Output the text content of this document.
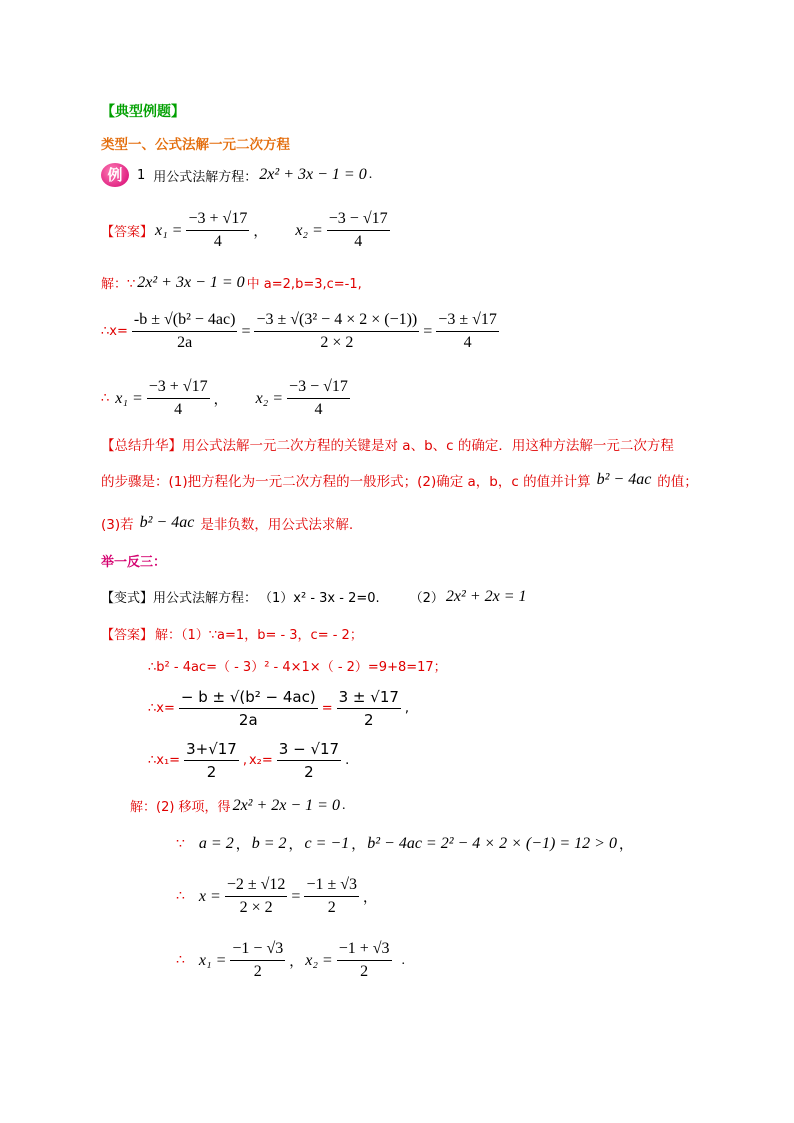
【典型例题】
类型一、公式法解一元二次方程
例	1 用公式法解方程： 2x² + 3x − 1 = 0 .
【答案】 $x_1 = \frac{-3 + √17}{4}$ ， $x_2 = \frac{-3 - √17}{4}$
解：∵ 2x² + 3x − 1 = 0 中 a=2,b=3,c=-1,
∴x= $\frac{\text{-b ± √(b² − 4ac)}}{2a} = \frac{\text{−3 ± √(3² − 4 × 2 × (−1))}}{2 \times 2} = \frac{-3 \pm √17}{4}$
∴ $x_1 = \frac{-3 + √17}{4}$ ， $x_2 = \frac{-3 - √17}{4}$
【总结升华】用公式法解一元二次方程的关键是对 a、b、c 的确定．用这种方法解一元二次方程
的步骤是：(1)把方程化为一元二次方程的一般形式；(2)确定 a，b，c 的值并计算 b² − 4ac 的值；
(3)若 b² − 4ac 是非负数，用公式法求解.
举一反三：
【变式】用公式法解方程： （1）x² - 3x - 2=0. （2） 2x² + 2x = 1
【答案】 解：（1）∵a=1，b= - 3，c= - 2；
∴b² - 4ac=（ - 3）² - 4×1×（ - 2）=9+8=17；
∴x= $\frac{\text{− b ± √(b² − 4ac)}}{2a} = \frac{3 \pm √17}{2}$ ,
∴x₁= $\frac{3+√17}{2}$ , $x_2= \frac{3 - √17}{2}$ .
解：(2) 移项，得 2x² + 2x − 1 = 0 .
∵ a = 2 ， b = 2 ， c = −1 ， b² − 4ac = 2² − 4 × 2 × (−1) = 12 > 0 ，
∴ $x = \frac{-2 \pm √12}{2 \times 2} = \frac{-1 \pm √3}{2}$ ，
∴ $x_1 = \frac{-1 - √3}{2}$ ， $x_2 = \frac{-1 + √3}{2}$ .
